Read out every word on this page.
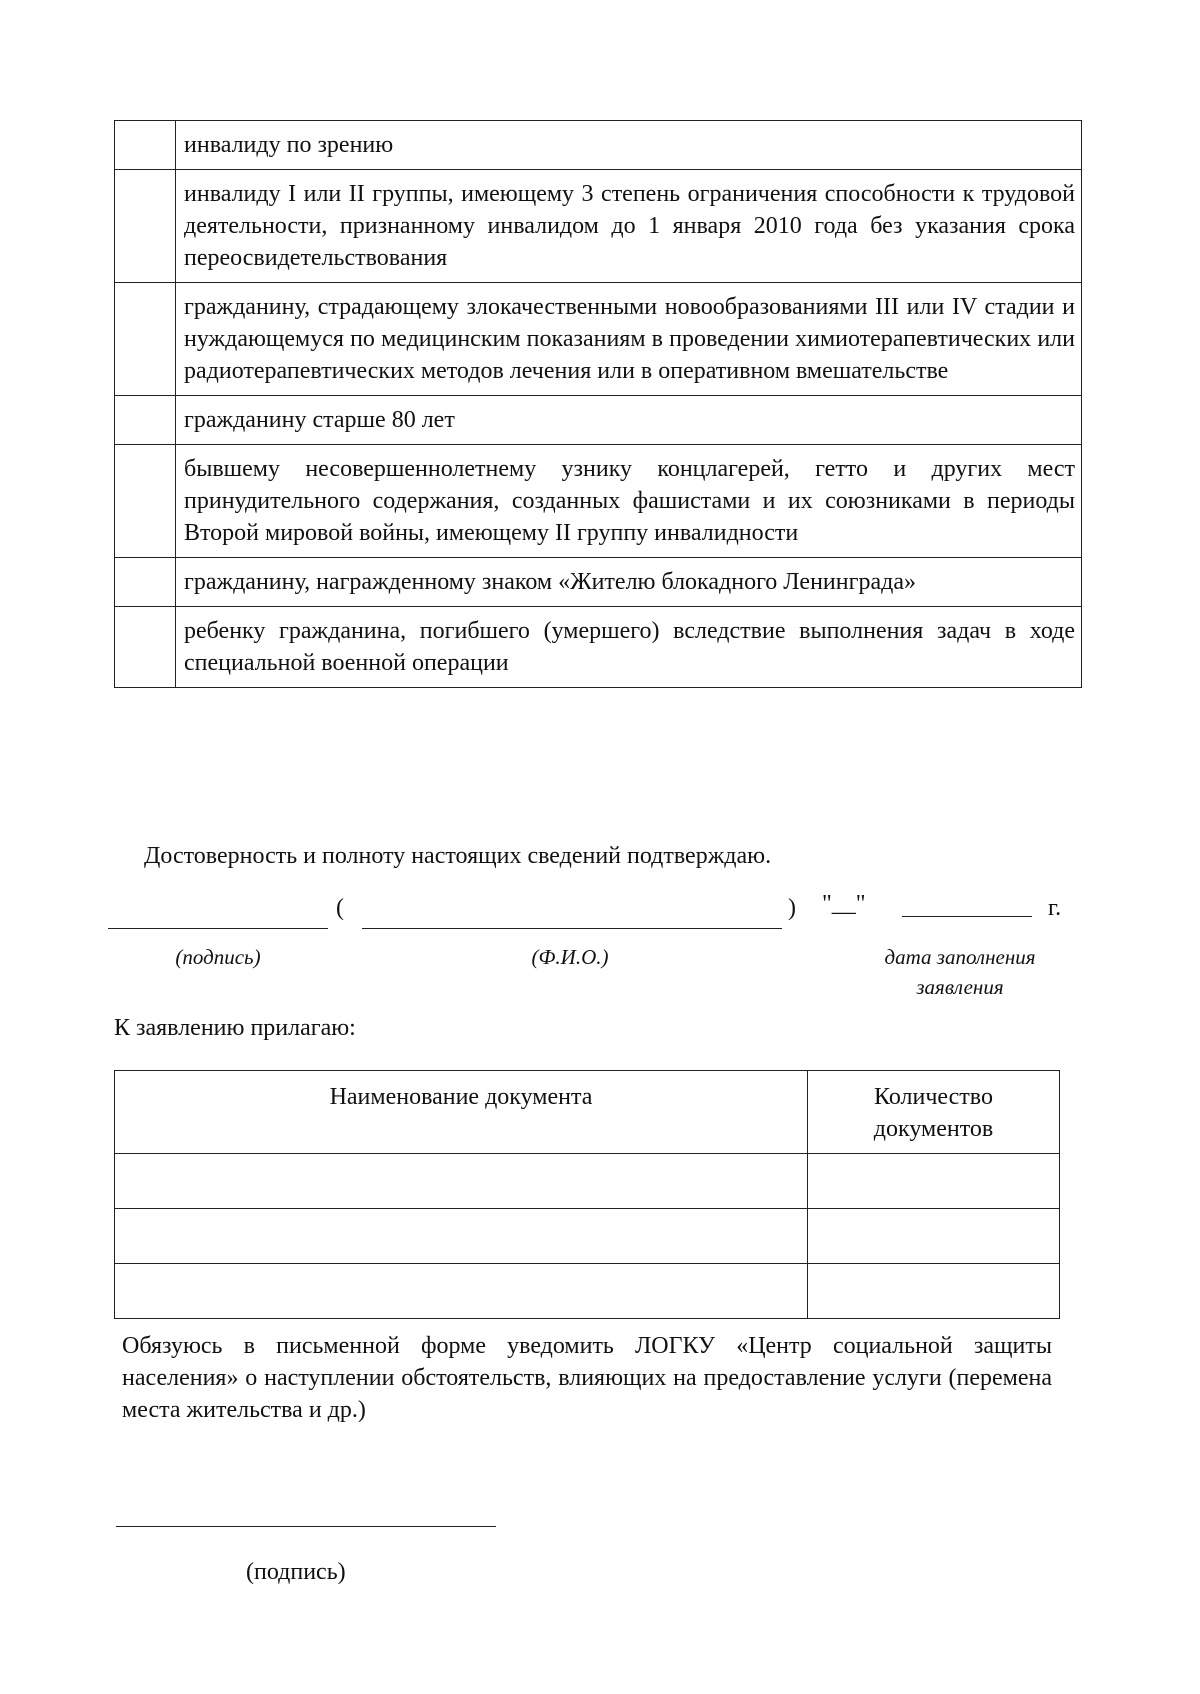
	инвалиду по зрению
	инвалиду I или II группы, имеющему 3 степень ограничения способности к трудовой деятельности, признанному инвалидом до 1 января 2010 года без указания срока переосвидетельствования
	гражданину, страдающему злокачественными новообразованиями III или IV стадии и нуждающемуся по медицинским показаниям в проведении химиотерапевтических или радиотерапевтических методов лечения или в оперативном вмешательстве
	гражданину старше 80 лет
	бывшему несовершеннолетнему узнику концлагерей, гетто и других мест принудительного содержания, созданных фашистами и их союзниками в периоды Второй мировой войны, имеющему II группу инвалидности
	гражданину, награжденному знаком «Жителю блокадного Ленинграда»
	ребенку гражданина, погибшего (умершего) вследствие выполнения задач в ходе специальной военной операции
Достоверность и полноту настоящих сведений подтверждаю.
(	) "__"	г.
(подпись)	(Ф.И.О.)	дата заполнения заявления
К заявлению прилагаю:
Наименование документа	Количество документов

Обязуюсь в письменной форме уведомить ЛОГКУ «Центр социальной защиты населения» о наступлении обстоятельств, влияющих на предоставление услуги (перемена места жительства и др.)
(подпись)
